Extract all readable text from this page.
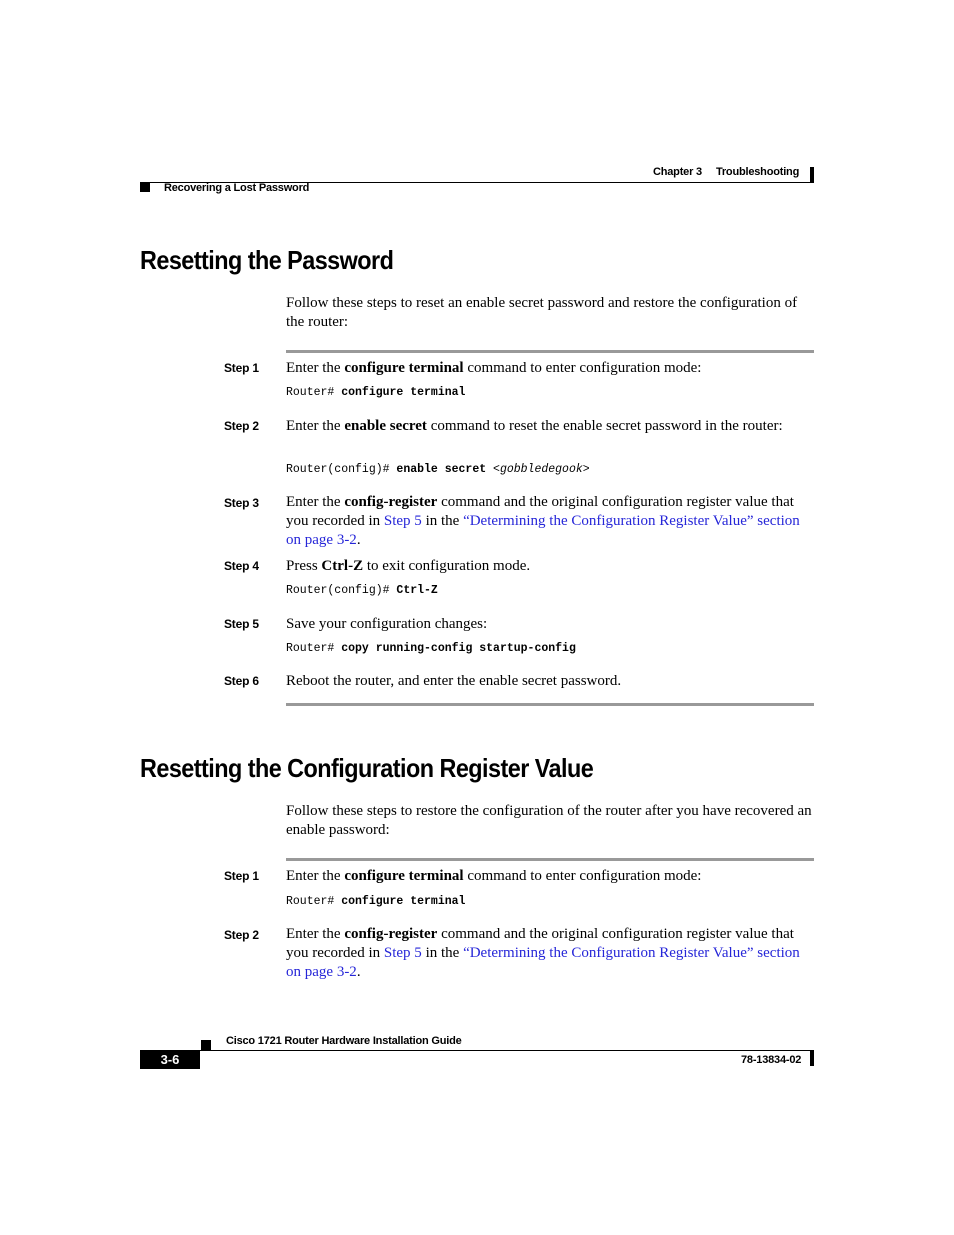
Chapter 3 Troubleshooting
Recovering a Lost Password
Resetting the Password
Follow these steps to reset an enable secret password and restore the configuration of the router:
Step 1 Enter the configure terminal command to enter configuration mode:
Router# configure terminal
Step 2 Enter the enable secret command to reset the enable secret password in the router:
Router(config)# enable secret <gobbledegook>
Step 3 Enter the config-register command and the original configuration register value that you recorded in Step 5 in the “Determining the Configuration Register Value” section on page 3-2.
Step 4 Press Ctrl-Z to exit configuration mode.
Router(config)# Ctrl-Z
Step 5 Save your configuration changes:
Router# copy running-config startup-config
Step 6 Reboot the router, and enter the enable secret password.
Resetting the Configuration Register Value
Follow these steps to restore the configuration of the router after you have recovered an enable password:
Step 1 Enter the configure terminal command to enter configuration mode:
Router# configure terminal
Step 2 Enter the config-register command and the original configuration register value that you recorded in Step 5 in the “Determining the Configuration Register Value” section on page 3-2.
Cisco 1721 Router Hardware Installation Guide
3-6	78-13834-02
